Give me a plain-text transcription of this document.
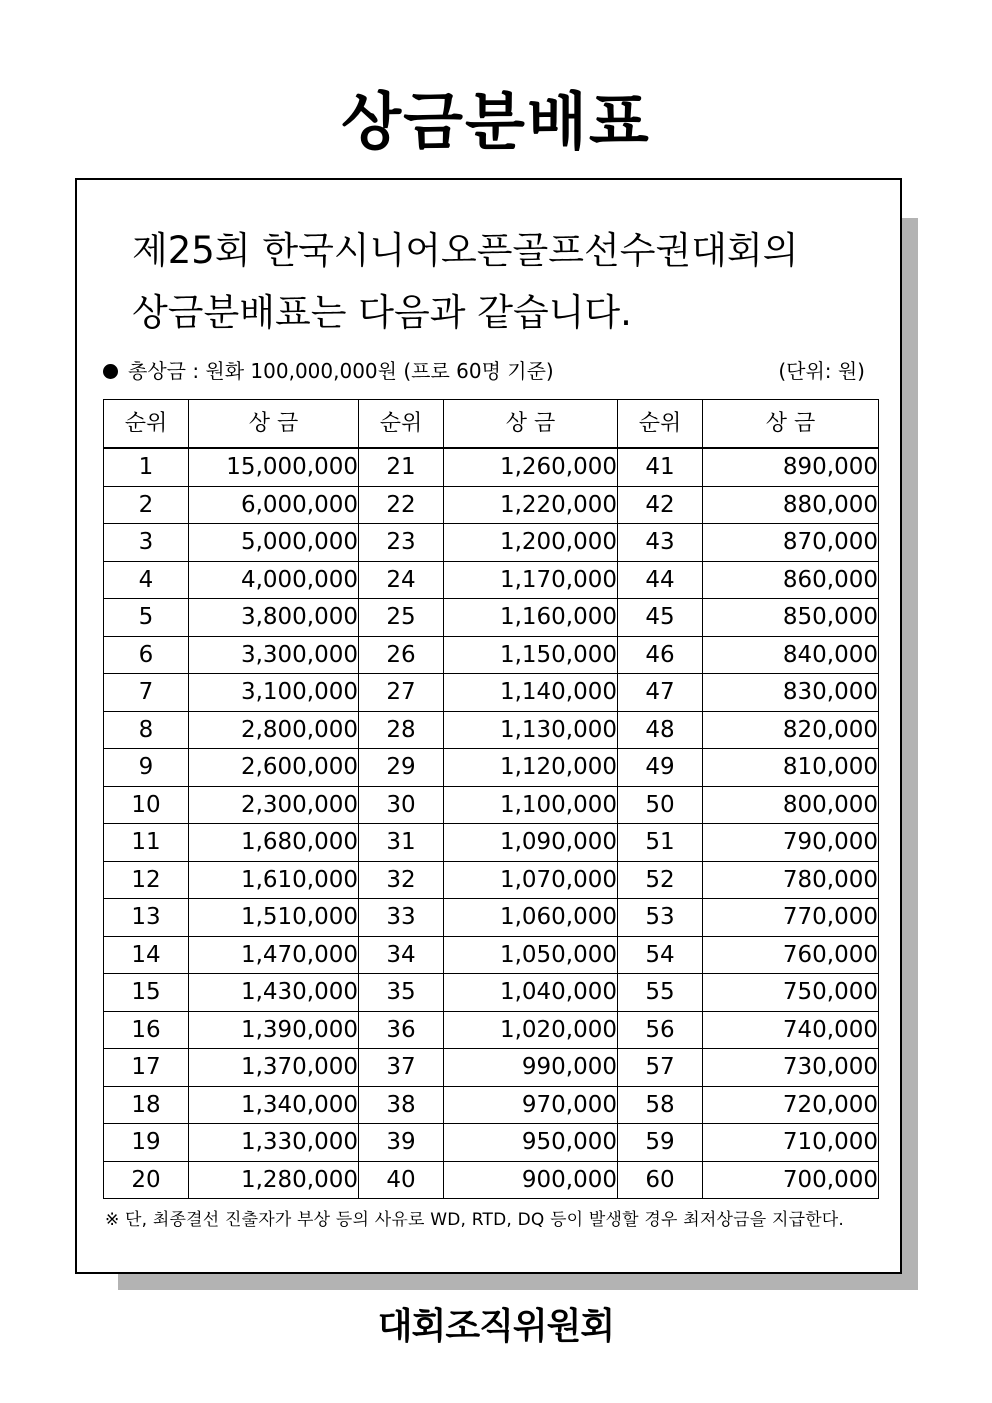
상금분배표
제25회 한국시니어오픈골프선수권대회의
상금분배표는 다음과 같습니다.
총상금 : 원화 100,000,000원 (프로 60명 기준)	(단위: 원)
순위	상 금	순위	상 금	순위	상 금
1	15,000,000	21	1,260,000	41	890,000
2	6,000,000	22	1,220,000	42	880,000
3	5,000,000	23	1,200,000	43	870,000
4	4,000,000	24	1,170,000	44	860,000
5	3,800,000	25	1,160,000	45	850,000
6	3,300,000	26	1,150,000	46	840,000
7	3,100,000	27	1,140,000	47	830,000
8	2,800,000	28	1,130,000	48	820,000
9	2,600,000	29	1,120,000	49	810,000
10	2,300,000	30	1,100,000	50	800,000
11	1,680,000	31	1,090,000	51	790,000
12	1,610,000	32	1,070,000	52	780,000
13	1,510,000	33	1,060,000	53	770,000
14	1,470,000	34	1,050,000	54	760,000
15	1,430,000	35	1,040,000	55	750,000
16	1,390,000	36	1,020,000	56	740,000
17	1,370,000	37	990,000	57	730,000
18	1,340,000	38	970,000	58	720,000
19	1,330,000	39	950,000	59	710,000
20	1,280,000	40	900,000	60	700,000
※ 단, 최종결선 진출자가 부상 등의 사유로 WD, RTD, DQ 등이 발생할 경우 최저상금을 지급한다.
대회조직위원회
